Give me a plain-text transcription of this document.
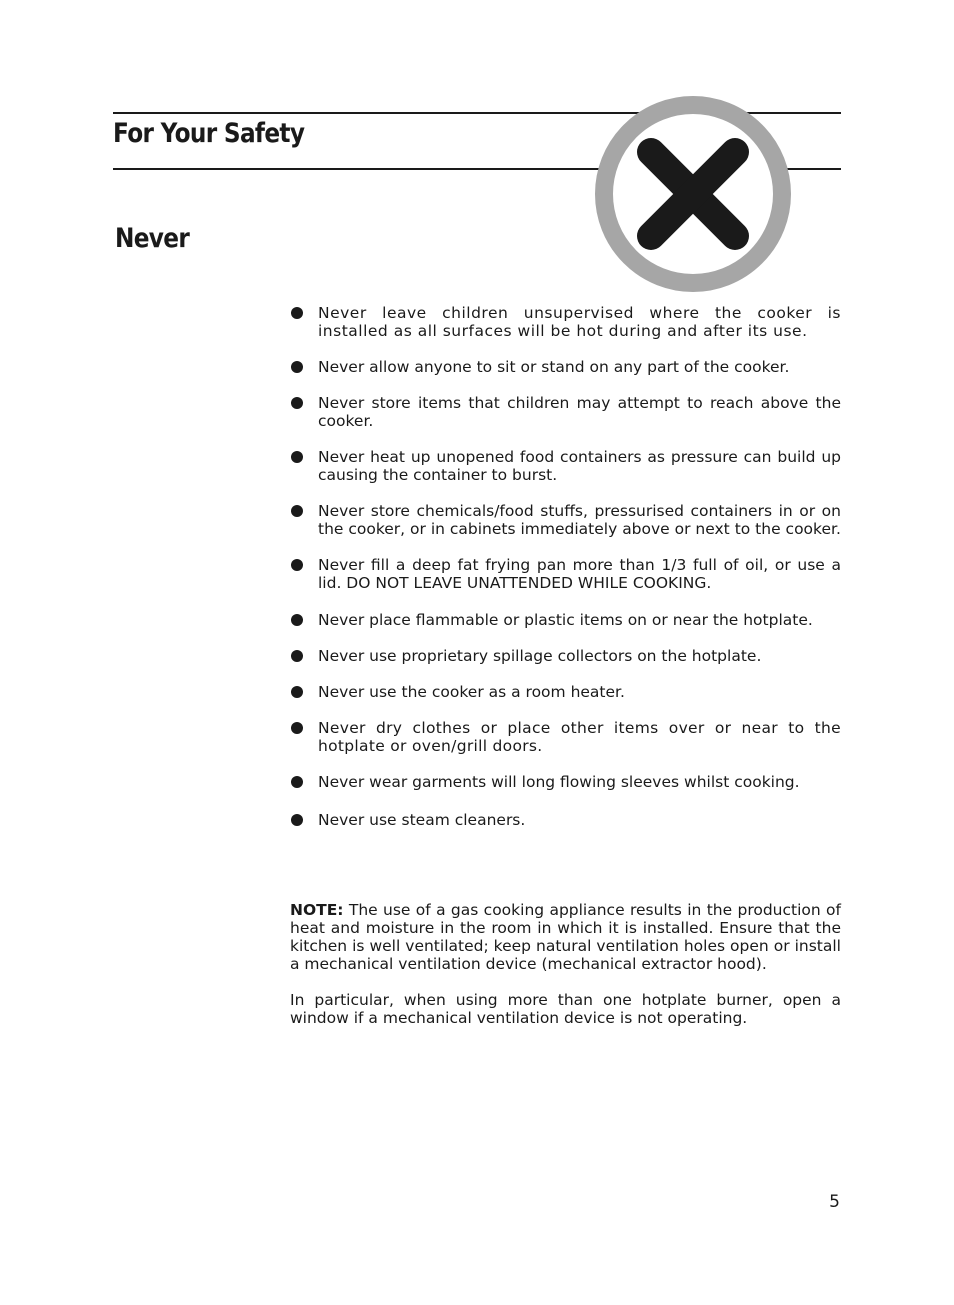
For Your Safety
Never
Never leave children unsupervised where the cooker is installed as all surfaces will be hot during and after its use.
Never allow anyone to sit or stand on any part of the cooker.
Never store items that children may attempt to reach above the cooker.
Never heat up unopened food containers as pressure can build up causing the container to burst.
Never store chemicals/food stuffs, pressurised containers in or on the cooker, or in cabinets immediately above or next to the cooker.
Never fill a deep fat frying pan more than 1/3 full of oil, or use a lid. DO NOT LEAVE UNATTENDED WHILE COOKING.
Never place flammable or plastic items on or near the hotplate.
Never use proprietary spillage collectors on the hotplate.
Never use the cooker as a room heater.
Never dry clothes or place other items over or near to the hotplate or oven/grill doors.
Never wear garments will long flowing sleeves whilst cooking.
Never use steam cleaners.

NOTE: The use of a gas cooking appliance results in the production of heat and moisture in the room in which it is installed. Ensure that the kitchen is well ventilated; keep natural ventilation holes open or install a mechanical ventilation device (mechanical extractor hood).

In particular, when using more than one hotplate burner, open a window if a mechanical ventilation device is not operating.

5
